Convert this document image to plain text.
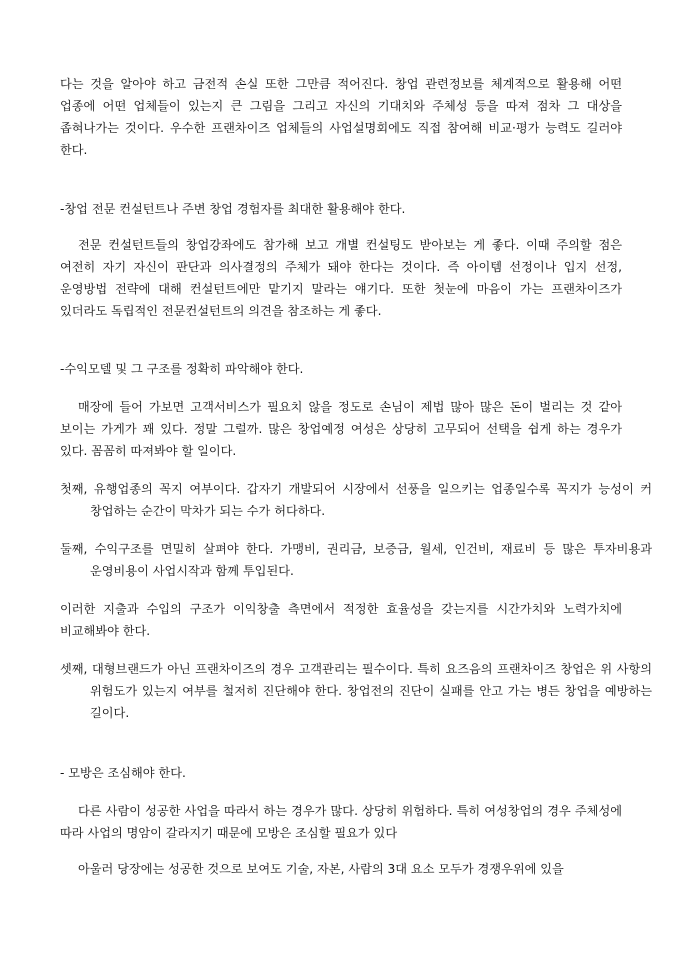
다는 것을 알아야 하고 금전적 손실 또한 그만큼 적어진다. 창업 관련정보를 체계적으로 활용해 어떤 업종에 어떤 업체들이 있는지 큰 그림을 그리고 자신의 기대치와 주체성 등을 따져 점차 그 대상을 좁혀나가는 것이다. 우수한 프랜차이즈 업체들의 사업설명회에도 직접 참여해 비교·평가 능력도 길러야 한다.

-창업 전문 컨설턴트나 주변 창업 경험자를 최대한 활용해야 한다.

전문 컨설턴트들의 창업강좌에도 참가해 보고 개별 컨설팅도 받아보는 게 좋다. 이때 주의할 점은 여전히 자기 자신이 판단과 의사결정의 주체가 돼야 한다는 것이다. 즉 아이템 선정이나 입지 선정, 운영방법 전략에 대해 컨설턴트에만 맡기지 말라는 얘기다. 또한 첫눈에 마음이 가는 프랜차이즈가 있더라도 독립적인 전문컨설턴트의 의견을 참조하는 게 좋다.

-수익모델 및 그 구조를 정확히 파악해야 한다.

매장에 들어 가보면 고객서비스가 필요치 않을 정도로 손님이 제법 많아 많은 돈이 벌리는 것 같아 보이는 가게가 꽤 있다. 정말 그럴까. 많은 창업예정 여성은 상당히 고무되어 선택을 쉽게 하는 경우가 있다. 꼼꼼히 따져봐야 할 일이다.

첫째, 유행업종의 꼭지 여부이다. 갑자기 개발되어 시장에서 선풍을 일으키는 업종일수록 꼭지가 능성이 커 창업하는 순간이 막차가 되는 수가 허다하다.

둘째, 수익구조를 면밀히 살펴야 한다. 가맹비, 권리금, 보증금, 월세, 인건비, 재료비 등 많은 투자비용과 운영비용이 사업시작과 함께 투입된다.

이러한 지출과 수입의 구조가 이익창출 측면에서 적정한 효율성을 갖는지를 시간가치와 노력가치에 비교해봐야 한다.

셋째, 대형브랜드가 아닌 프랜차이즈의 경우 고객관리는 필수이다. 특히 요즈음의 프랜차이즈 창업은 위 사항의 위험도가 있는지 여부를 철저히 진단해야 한다. 창업전의 진단이 실패를 안고 가는 병든 창업을 예방하는 길이다.

- 모방은 조심해야 한다.

다른 사람이 성공한 사업을 따라서 하는 경우가 많다. 상당히 위험하다. 특히 여성창업의 경우 주체성에 따라 사업의 명암이 갈라지기 때문에 모방은 조심할 필요가 있다

아울러 당장에는 성공한 것으로 보여도 기술, 자본, 사람의 3대 요소 모두가 경쟁우위에 있을
